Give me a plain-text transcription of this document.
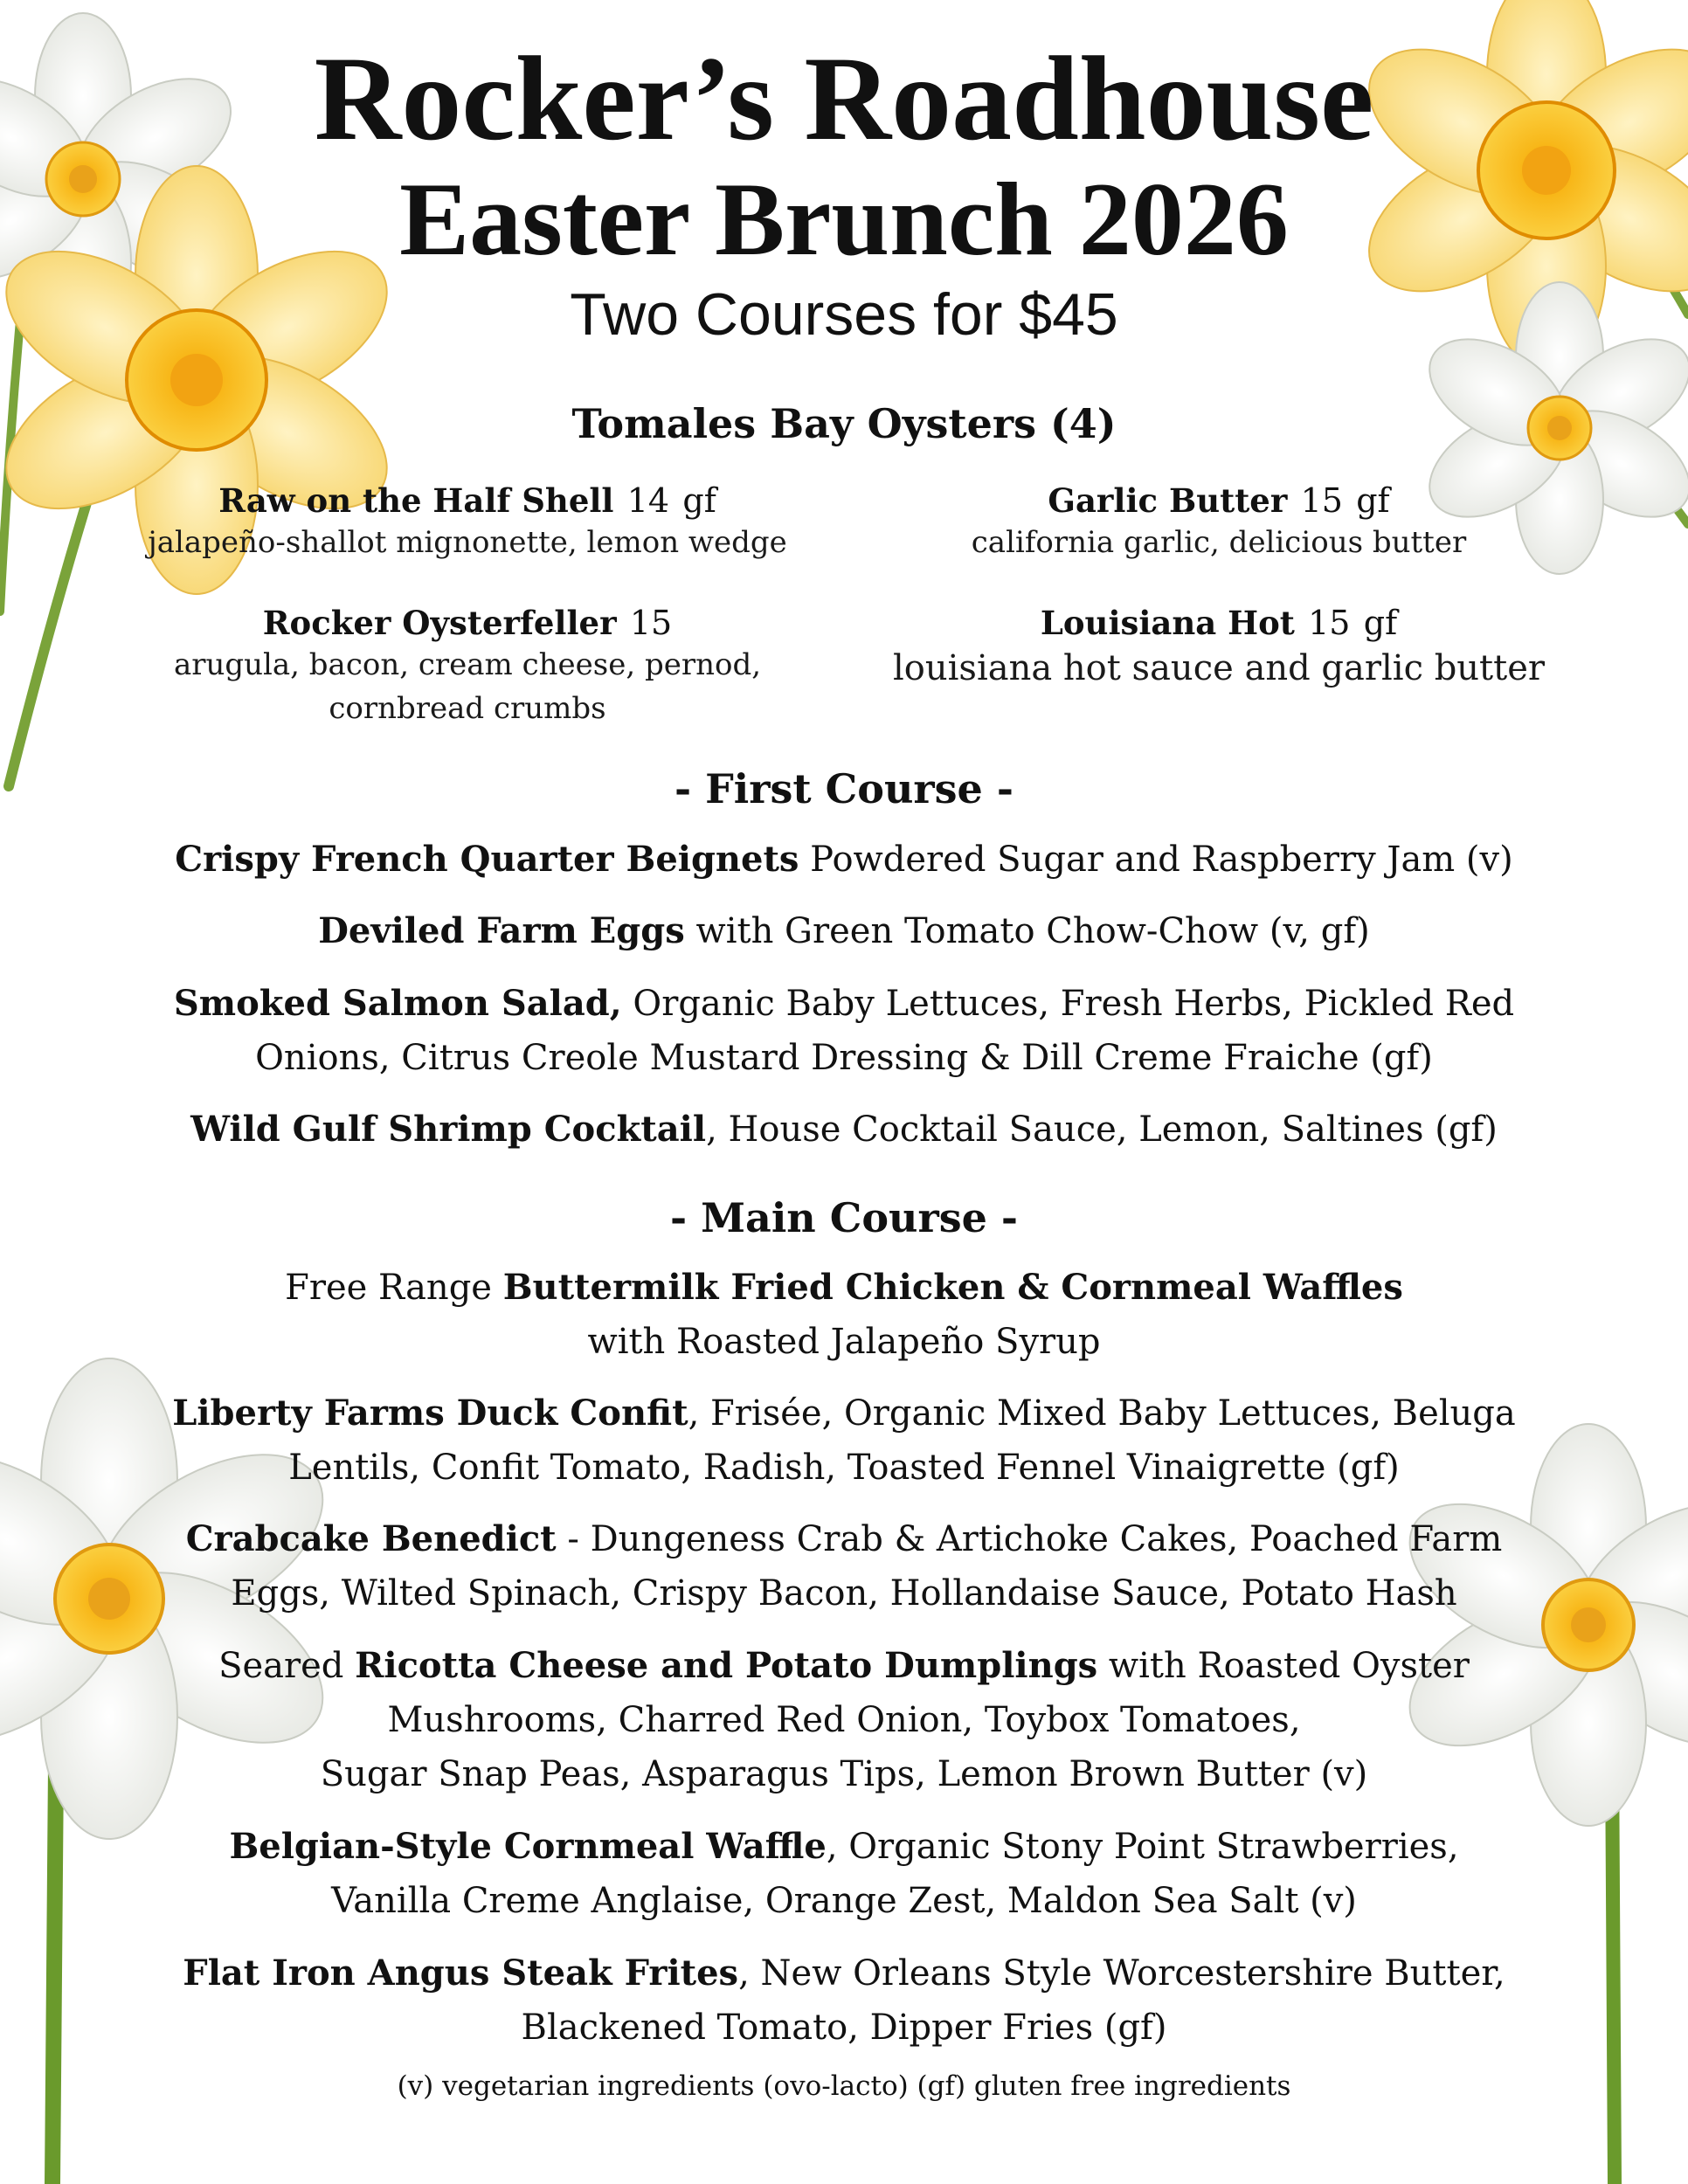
Rocker’s Roadhouse
Easter Brunch 2026
Two Courses for $45
Tomales Bay Oysters (4)
Raw on the Half Shell 14 gf
jalapeño-shallot mignonette, lemon wedge
Garlic Butter 15 gf
california garlic, delicious butter
Rocker Oysterfeller 15
arugula, bacon, cream cheese, pernod,
cornbread crumbs
Louisiana Hot 15 gf
louisiana hot sauce and garlic butter
- First Course -
Crispy French Quarter Beignets Powdered Sugar and Raspberry Jam (v)
Deviled Farm Eggs with Green Tomato Chow-Chow (v, gf)
Smoked Salmon Salad, Organic Baby Lettuces, Fresh Herbs, Pickled Red
Onions, Citrus Creole Mustard Dressing & Dill Creme Fraiche (gf)
Wild Gulf Shrimp Cocktail, House Cocktail Sauce, Lemon, Saltines (gf)
- Main Course -
Free Range Buttermilk Fried Chicken & Cornmeal Waffles
with Roasted Jalapeño Syrup
Liberty Farms Duck Confit, Frisée, Organic Mixed Baby Lettuces, Beluga
Lentils, Confit Tomato, Radish, Toasted Fennel Vinaigrette (gf)
Crabcake Benedict - Dungeness Crab & Artichoke Cakes, Poached Farm
Eggs, Wilted Spinach, Crispy Bacon, Hollandaise Sauce, Potato Hash
Seared Ricotta Cheese and Potato Dumplings with Roasted Oyster
Mushrooms, Charred Red Onion, Toybox Tomatoes,
Sugar Snap Peas, Asparagus Tips, Lemon Brown Butter (v)
Belgian-Style Cornmeal Waffle, Organic Stony Point Strawberries,
Vanilla Creme Anglaise, Orange Zest, Maldon Sea Salt (v)
Flat Iron Angus Steak Frites, New Orleans Style Worcestershire Butter,
Blackened Tomato, Dipper Fries (gf)
(v) vegetarian ingredients (ovo-lacto) (gf) gluten free ingredients
